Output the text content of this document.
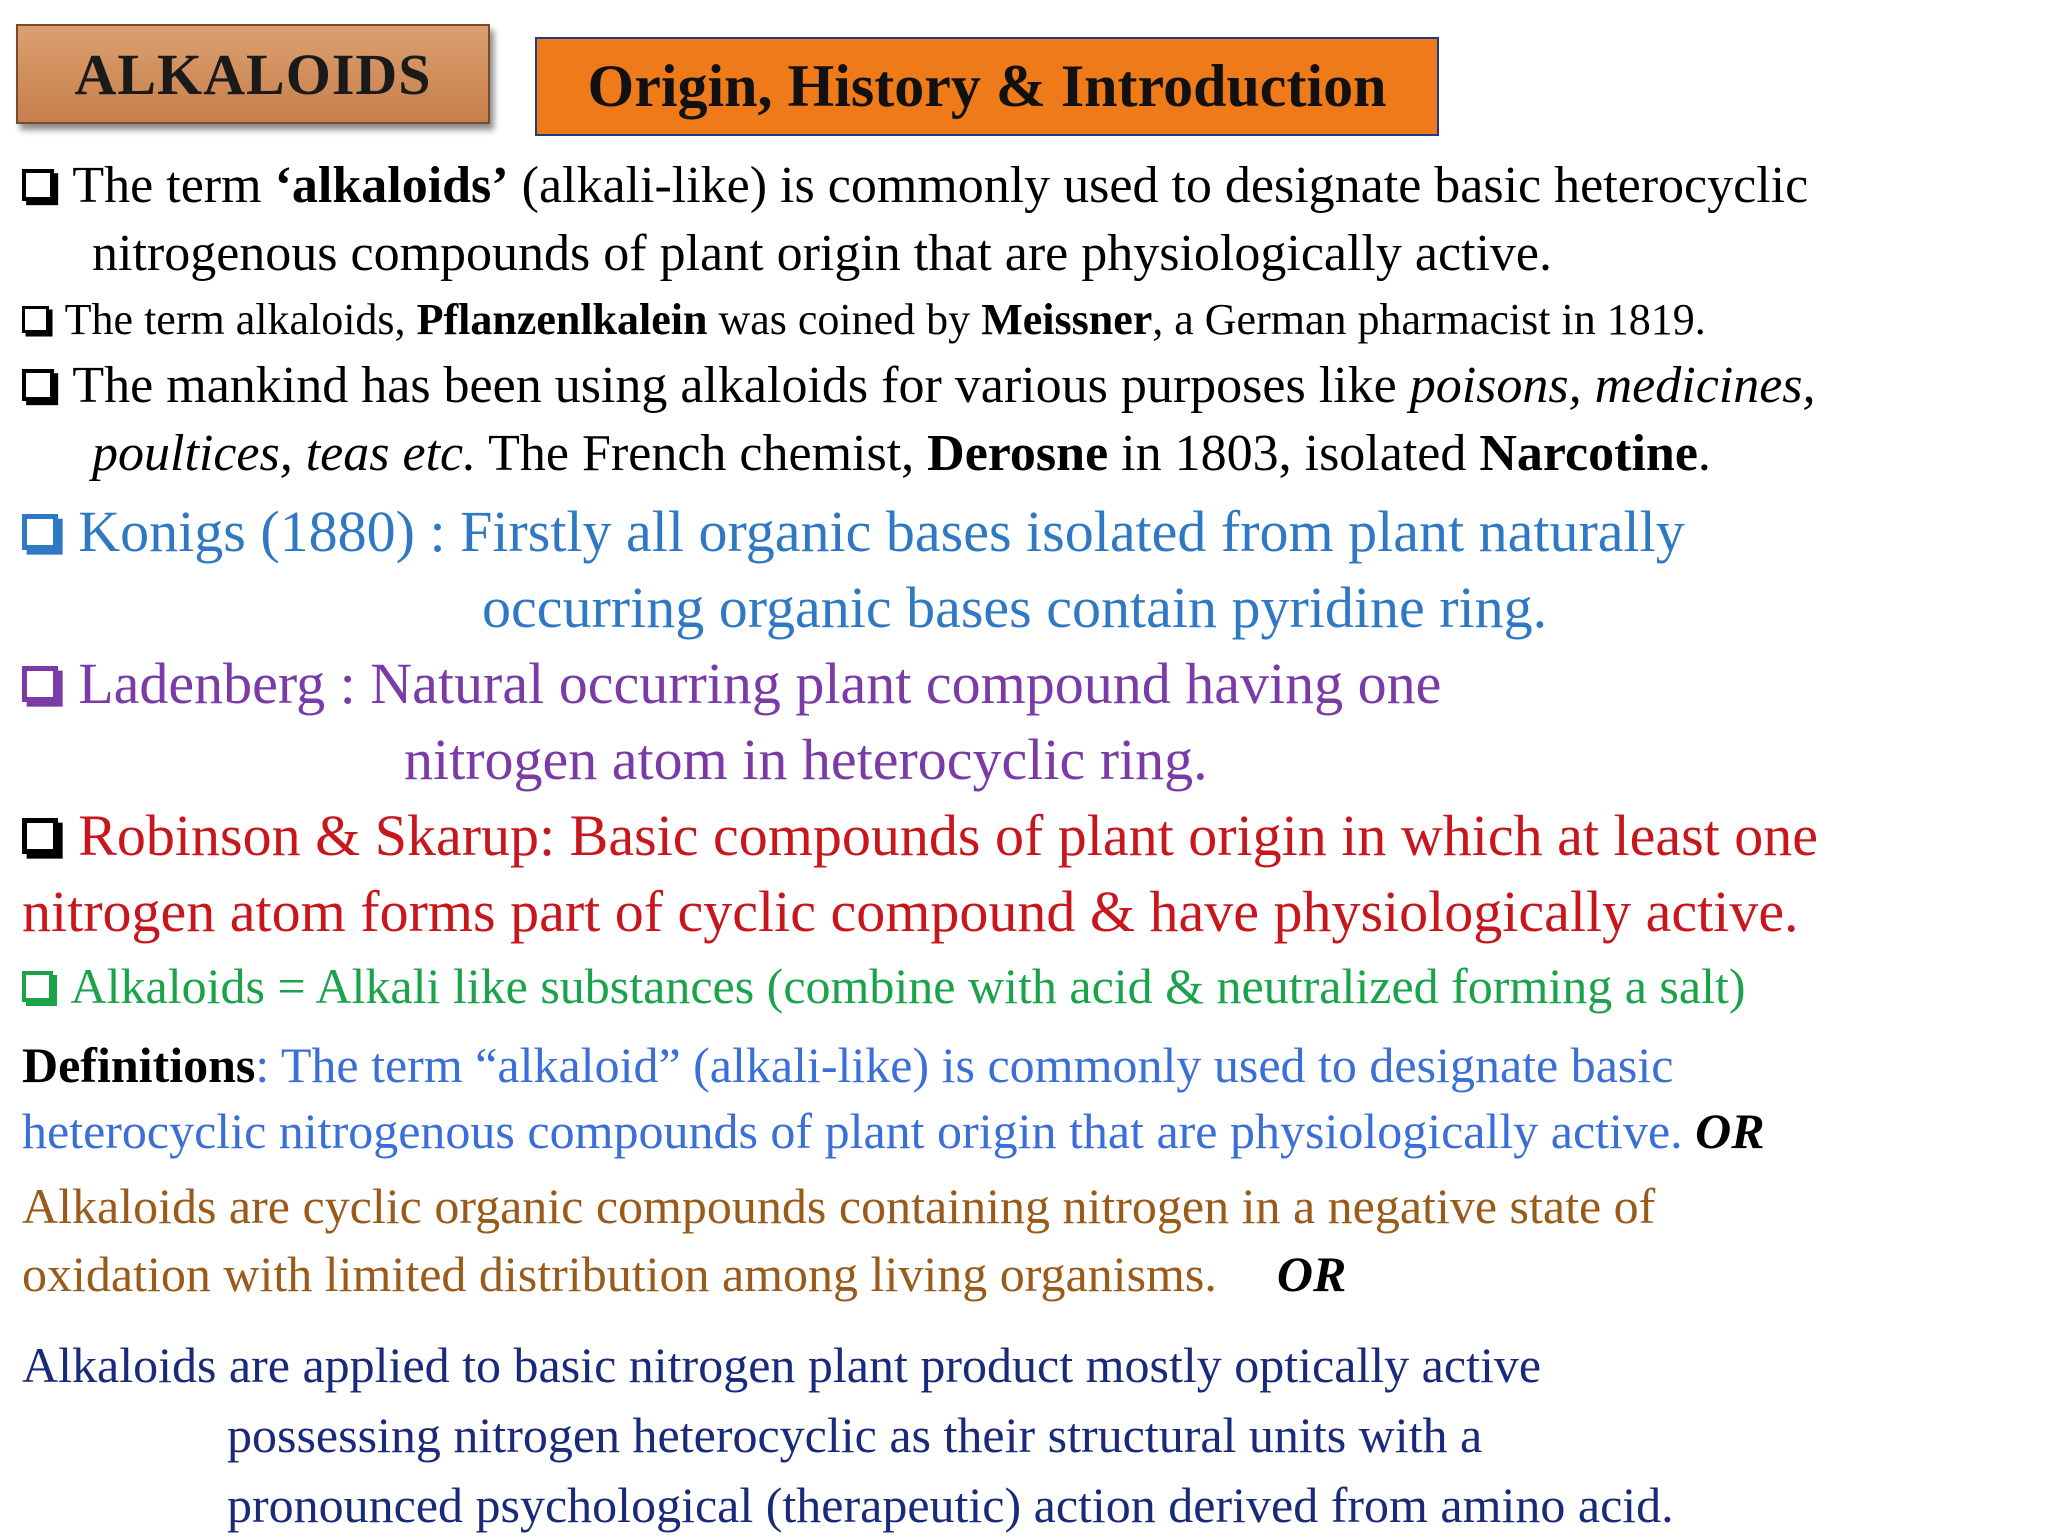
ALKALOIDS	Origin, History & Introduction

The term ‘alkaloids’ (alkali-like) is commonly used to designate basic heterocyclic
nitrogenous compounds of plant origin that are physiologically active.

The term alkaloids, Pflanzenlkalein was coined by Meissner, a German pharmacist in 1819.

The mankind has been using alkaloids for various purposes like poisons, medicines,
poultices, teas etc. The French chemist, Derosne in 1803, isolated Narcotine.

Konigs (1880) : Firstly all organic bases isolated from plant naturally
occurring organic bases contain pyridine ring.

Ladenberg : Natural occurring plant compound having one
nitrogen atom in heterocyclic ring.

Robinson & Skarup: Basic compounds of plant origin in which at least one
nitrogen atom forms part of cyclic compound & have physiologically active.

Alkaloids = Alkali like substances (combine with acid & neutralized forming a salt)

Definitions: The term “alkaloid” (alkali-like) is commonly used to designate basic
heterocyclic nitrogenous compounds of plant origin that are physiologically active. OR

Alkaloids are cyclic organic compounds containing nitrogen in a negative state of
oxidation with limited distribution among living organisms. OR

Alkaloids are applied to basic nitrogen plant product mostly optically active
possessing nitrogen heterocyclic as their structural units with a
pronounced psychological (therapeutic) action derived from amino acid.
